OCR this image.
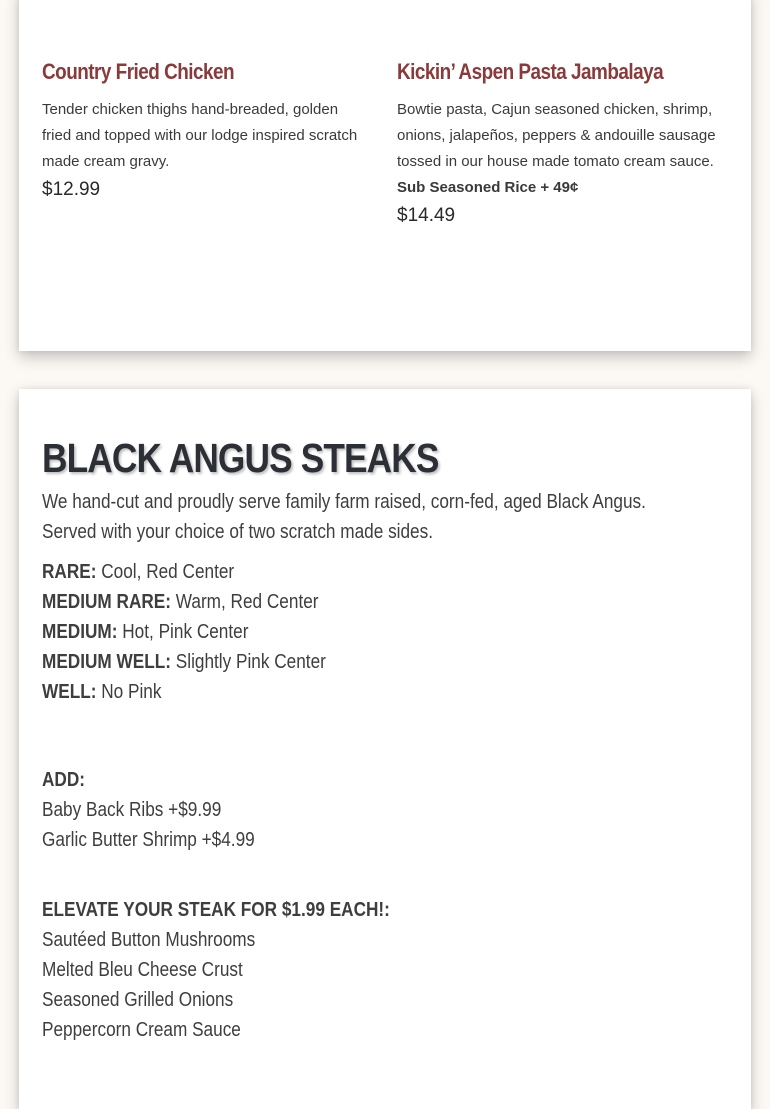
Country Fried Chicken

Tender chicken thighs hand-breaded, golden fried and topped with our lodge inspired scratch made cream gravy.

$12.99

Kickin’ Aspen Pasta Jambalaya

Bowtie pasta, Cajun seasoned chicken, shrimp, onions, jalapeños, peppers & andouille sausage tossed in our house made tomato cream sauce.

Sub Seasoned Rice + 49¢

$14.49

BLACK ANGUS STEAKS

We hand-cut and proudly serve family farm raised, corn-fed, aged Black Angus.

Served with your choice of two scratch made sides.

RARE: Cool, Red Center

MEDIUM RARE: Warm, Red Center

MEDIUM: Hot, Pink Center

MEDIUM WELL: Slightly Pink Center

WELL: No Pink

ADD:

Baby Back Ribs +$9.99

Garlic Butter Shrimp +$4.99

ELEVATE YOUR STEAK FOR $1.99 EACH!:

Sautéed Button Mushrooms

Melted Bleu Cheese Crust

Seasoned Grilled Onions

Peppercorn Cream Sauce
